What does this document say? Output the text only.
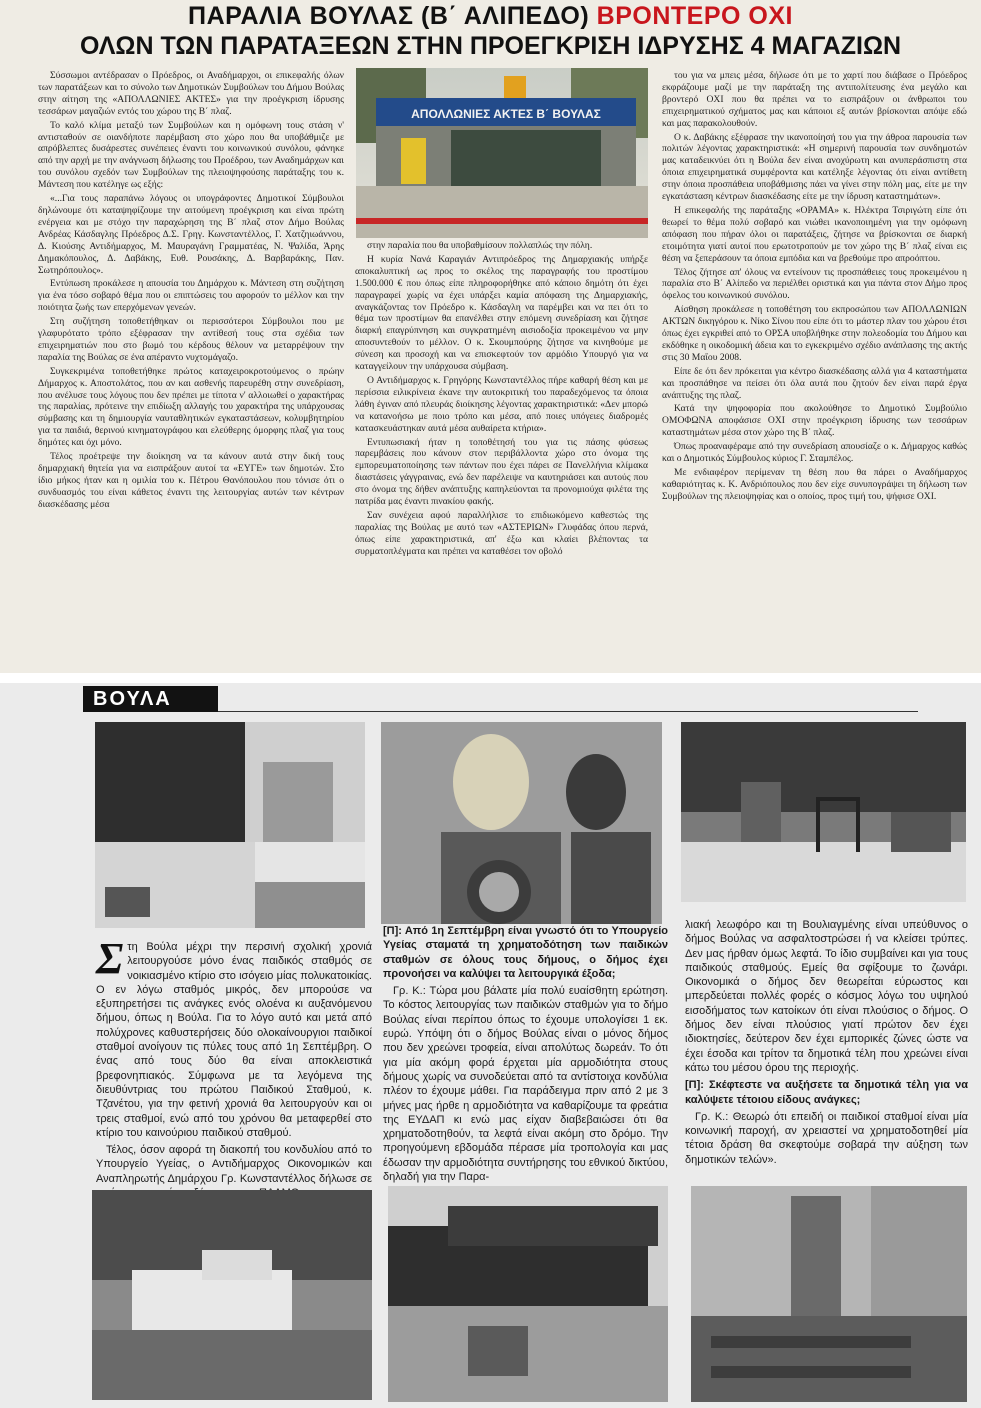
ΠΑΡΑΛΙΑ ΒΟΥΛΑΣ (Β΄ ΑΛΙΠΕΔΟ) ΒΡΟΝΤΕΡΟ ΟΧΙ
ΟΛΩΝ ΤΩΝ ΠΑΡΑΤΑΞΕΩΝ ΣΤΗΝ ΠΡΟΕΓΚΡΙΣΗ ΙΔΡΥΣΗΣ 4 ΜΑΓΑΖΙΩΝ

Σύσσωμοι αντέδρασαν ο Πρόεδρος, οι Αναδήμαρχοι, οι επικεφαλής όλων των παρατάξεων και το σύνολο των Δημοτικών Συμβούλων του Δήμου Βούλας στην αίτηση της «ΑΠΟΛΛΩΝΙΕΣ ΑΚΤΕΣ» για την προέγκριση ίδρυσης τεσσάρων μαγαζιών εντός του χώρου της Β΄ πλαζ.

Το καλό κλίμα μεταξύ των Συμβούλων και η ομόφωνη τους στάση ν' αντισταθούν σε οιανδήποτε παρέμβαση στο χώρο που θα υποβάθμιζε με απρόβλεπτες δυσάρεστες συνέπειες έναντι του κοινωνικού συνόλου, φάνηκε από την αρχή με την ανάγνωση δήλωσης του Προέδρου, των Αναδημάρχων και του συνόλου σχεδόν των Συμβούλων της πλειοψηφούσης παράταξης του κ. Μάντεση που κατέληγε ως εξής:

«...Για τους παραπάνω λόγους οι υπογράφοντες Δημοτικοί Σύμβουλοι δηλώνουμε ότι καταψηφίζουμε την αιτούμενη προέγκριση και είναι πρώτη ενέργεια και με στόχο την παραχώρηση της Β΄ πλαζ στον Δήμο Βούλας Ανδρέας Κάσδαγλης Πρόεδρος Δ.Σ. Γρηγ. Κωνσταντέλλος, Γ. Χατζηιωάννου, Δ. Κιούσης Αντιδήμαρχος, Μ. Μαυραγάνη Γραμματέας, Ν. Ψαλίδα, Άρης Δημακόπουλος, Δ. Δαβάκης, Ευθ. Ρουσάκης, Δ. Βαρβαράκης, Παν. Σωτηρόπουλος».

Εντύπωση προκάλεσε η απουσία του Δημάρχου κ. Μάντεση στη συζήτηση για ένα τόσο σοβαρό θέμα που οι επιπτώσεις του αφορούν το μέλλον και την ποιότητα ζωής των επερχόμενων γενεών.

Στη συζήτηση τοποθετήθηκαν οι περισσότεροι Σύμβουλοι που με γλαφυρότατο τρόπο εξέφρασαν την αντίθεσή τους στα σχέδια των επιχειρηματιών που στο βωμό του κέρδους θέλουν να μεταρρέψουν την παραλία της Βούλας σε ένα απέραντο νυχτομάγαζο.

Συγκεκριμένα τοποθετήθηκε πρώτος καταχειροκροτούμενος ο πρώην Δήμαρχος κ. Αποστολάτος, που αν και ασθενής παρευρέθη στην συνεδρίαση, που ανέλυσε τους λόγους που δεν πρέπει με τίποτα ν' αλλοιωθεί ο χαρακτήρας της παραλίας, πρότεινε την επιδίωξη αλλαγής του χαρακτήρα της υπάρχουσας σύμβασης και τη δημιουργία ναυταθλητικών εγκαταστάσεων, κολυμβητηρίου για τα παιδιά, θερινού κινηματογράφου και ελεύθερης όμορφης πλαζ για τους δημότες και όχι μόνο.

Τέλος προέτρεψε την διοίκηση να τα κάνουν αυτά στην δική τους δημαρχιακή θητεία για να εισπράξουν αυτοί τα «ΕΥΓΕ» των δημοτών. Στο ίδιο μήκος ήταν και η ομιλία του κ. Πέτρου Θανόπουλου που τόνισε ότι ο συνδυασμός του είναι κάθετος έναντι της λειτουργίας αυτών των κέντρων διασκέδασης μέσα

ΑΠΟΛΛΩΝΙΕΣ ΑΚΤΕΣ Β΄ ΒΟΥΛΑΣ

στην παραλία που θα υποβαθμίσουν πολλαπλώς την πόλη.

Η κυρία Νανά Καραγιάν Αντιπρόεδρος της Δημαρχιακής υπήρξε αποκαλυπτική ως προς το σκέλος της παραγραφής του προστίμου 1.500.000 € που όπως είπε πληροφορήθηκε από κάποιο δημότη ότι έχει παραγραφεί χωρίς να έχει υπάρξει καμία απόφαση της Δημαρχιακής, αναγκάζοντας τον Πρόεδρο κ. Κάσδαγλη να παρέμβει και να πει ότι το θέμα των προστίμων θα επανέλθει στην επόμενη συνεδρίαση και ζήτησε διαρκή επαγρύπνηση και συγκρατημένη αισιοδοξία προκειμένου να μην αποσυντεθούν το μέλλον. Ο κ. Σκουμπούρης ζήτησε να κινηθούμε με σύνεση και προσοχή και να επισκεφτούν τον αρμόδιο Υπουργό για να καταγγείλουν την υπάρχουσα σύμβαση.

Ο Αντιδήμαρχος κ. Γρηγόρης Κωνσταντέλλος πήρε καθαρή θέση και με περίσσια ειλικρίνεια έκανε την αυτοκριτική του παραδεχόμενος τα όποια λάθη έγιναν από πλευράς διοίκησης λέγοντας χαρακτηριστικά: «Δεν μπορώ να κατανοήσω με ποιο τρόπο και μέσα, από ποιες υπόγειες διαδρομές κατασκευάστηκαν αυτά μέσα αυθαίρετα κτήρια».

Εντυπωσιακή ήταν η τοποθέτησή του για τις πάσης φύσεως παρεμβάσεις που κάνουν στον περιβάλλοντα χώρο στο όνομα της εμπορευματοποίησης των πάντων που έχει πάρει σε Πανελλήνια κλίμακα διαστάσεις γάγγραινας, ενώ δεν παρέλειψε να καυτηριάσει και αυτούς που στο όνομα της δήθεν ανάπτυξης καπηλεύονται τα προνομιούχα φιλέτα της πατρίδα μας έναντι πινακίου φακής.

Σαν συνέχεια αφού παραλλήλισε το επιδιωκόμενο καθεστώς της παραλίας της Βούλας με αυτό των «ΑΣΤΕΡΙΩΝ» Γλυφάδας όπου περνά, όπως είπε χαρακτηριστικά, απ' έξω και κλαίει βλέποντας τα συρματοπλέγματα και πρέπει να καταθέσει τον οβολό

του για να μπεις μέσα, δήλωσε ότι με το χαρτί που διάβασε ο Πρόεδρος εκφράζουμε μαζί με την παράταξη της αντιπολίτευσης ένα μεγάλο και βροντερό ΟΧΙ που θα πρέπει να το εισπράξουν οι άνθρωποι του επιχειρηματικού σχήματος μας και κάποιοι εξ αυτών βρίσκονται απόψε εδώ και μας παρακολουθούν.

Ο κ. Δαβάκης εξέφρασε την ικανοποίησή του για την άθροα παρουσία των πολιτών λέγοντας χαρακτηριστικά: «Η σημερινή παρουσία των συνδημοτών μας καταδεικνύει ότι η Βούλα δεν είναι ανοχύρωτη και ανυπεράσπιστη στα όποια επιχειρηματικά συμφέροντα και κατέληξε λέγοντας ότι είναι αντίθετη στην όποια προσπάθεια υποβάθμισης πάει να γίνει στην πόλη μας, είτε με την εγκατάσταση κέντρων διασκέδασης είτε με την ίδρυση καταστημάτων».

Η επικεφαλής της παράταξης «ΟΡΑΜΑ» κ. Ηλέκτρα Τσιριγώτη είπε ότι θεωρεί το θέμα πολύ σοβαρό και νιώθει ικανοποιημένη για την ομόφωνη απόφαση που πήραν όλοι οι παρατάξεις, ζήτησε να βρίσκονται σε διαρκή ετοιμότητα γιατί αυτοί που ερωτοτροπούν με τον χώρο της Β΄ πλαζ είναι εις θέση να ξεπεράσουν τα όποια εμπόδια και να βρεθούμε προ απροόπτου.

Τέλος ζήτησε απ' όλους να εντείνουν τις προσπάθειες τους προκειμένου η παραλία στο Β΄ Αλίπεδο να περιέλθει οριστικά και για πάντα στον Δήμο προς όφελος του κοινωνικού συνόλου.

Αίσθηση προκάλεσε η τοποθέτηση του εκπροσώπου των ΑΠΟΛΛΩΝΙΩΝ ΑΚΤΩΝ δικηγόρου κ. Νίκο Σίνου που είπε ότι το μάστερ πλαν του χώρου έτσι όπως έχει εγκριθεί από το ΟΡΣΑ υποβλήθηκε στην πολεοδομία του Δήμου και εκδόθηκε η οικοδομική άδεια και το εγκεκριμένο σχέδιο ανάπλασης της ακτής στις 30 Μαΐου 2008.

Είπε δε ότι δεν πρόκειται για κέντρο διασκέδασης αλλά για 4 καταστήματα και προσπάθησε να πείσει ότι όλα αυτά που ζητούν δεν είναι παρά έργα ανάπτυξης της πλαζ.

Κατά την ψηφοφορία που ακολούθησε το Δημοτικό Συμβούλιο ΟΜΟΦΩΝΑ αποφάσισε ΟΧΙ στην προέγκριση ίδρυσης των τεσσάρων καταστημάτων μέσα στον χώρο της Β΄ πλαζ.

Όπως προαναφέραμε από την συνεδρίαση απουσίαζε ο κ. Δήμαρχος καθώς και ο Δημοτικός Σύμβουλος κύριος Γ. Σταμπέλος.

Με ενδιαφέρον περίμεναν τη θέση που θα πάρει ο Αναδήμαρχος καθαριότητας κ. Κ. Ανδριόπουλος που δεν είχε συνυπογράψει τη δήλωση των Συμβούλων της πλειοψηφίας και ο οποίος, προς τιμή του, ψήφισε ΟΧΙ.

ΒΟΥΛΑ

Στη Βούλα μέχρι την περσινή σχολική χρονιά λειτουργούσε μόνο ένας παιδικός σταθμός σε νοικιασμένο κτίριο στο ισόγειο μίας πολυκατοικίας. Ο εν λόγω σταθμός μικρός, δεν μπορούσε να εξυπηρετήσει τις ανάγκες ενός ολοένα κι αυξανόμενου δήμου, όπως η Βούλα. Για το λόγο αυτό και μετά από πολύχρονες καθυστερήσεις δύο ολοκαίνουργιοι παιδικοί σταθμοί ανοίγουν τις πύλες τους από 1η Σεπτέμβρη. Ο ένας από τους δύο θα είναι αποκλειστικά βρεφονηπιακός. Σύμφωνα με τα λεγόμενα της διευθύντριας του πρώτου Παιδικού Σταθμού, κ. Τζανέτου, για την φετινή χρονιά θα λειτουργούν και οι τρεις σταθμοί, ενώ από του χρόνου θα μεταφερθεί στο κτίριο του καινούριου παιδικού σταθμού.

Τέλος, όσον αφορά τη διακοπή του κονδυλίου από το Υπουργείο Υγείας, ο Αντιδήμαρχος Οικονομικών και Αναπληρωτής Δημάρχου Γρ. Κωνσταντέλλος δήλωσε σε

[Π]: Από 1η Σεπτέμβρη είναι γνωστό ότι το Υπουργείο Υγείας σταματά τη χρηματοδότηση των παιδικών σταθμών σε όλους τους δήμους, ο δήμος έχει προνοήσει να καλύψει τα λειτουργικά έξοδα;

Γρ. Κ.: Τώρα μου βάλατε μία πολύ ευαίσθητη ερώτηση. Το κόστος λειτουργίας των παιδικών σταθμών για το δήμο Βούλας είναι περίπου όπως το έχουμε υπολογίσει 1 εκ. ευρώ. Υπόψη ότι ο δήμος Βούλας είναι ο μόνος δήμος που δεν χρεώνει τροφεία, είναι απολύτως δωρεάν. Το ότι για μία ακόμη φορά έρχεται μία αρμοδιότητα στους δήμους χωρίς να συνοδεύεται από τα αντίστοιχα κονδύλια πλέον το έχουμε μάθει. Για παράδειγμα πριν από 2 με 3 μήνες μας ήρθε η αρμοδιότητα να καθαρίζουμε τα φρεάτια της ΕΥΔΑΠ κι ενώ μας είχαν διαβεβαιώσει ότι θα χρηματοδοτηθούν, τα λεφτά είναι ακόμη στο δρόμο. Την προηγούμενη εβδομάδα πέρασε μία τροπολογία και μας έδωσαν την αρμοδιότητα συντήρησης του εθνικού δικτύου, δηλαδή για την Παρα-

λιακή λεωφόρο και τη Βουλιαγμένης είναι υπεύθυνος ο δήμος Βούλας να ασφαλτοστρώσει ή να κλείσει τρύπες. Δεν μας ήρθαν όμως λεφτά. Το ίδιο συμβαίνει και για τους παιδικούς σταθμούς. Εμείς θα σφίξουμε το ζωνάρι. Οικονομικά ο δήμος δεν θεωρείται εύρωστος και μπερδεύεται πολλές φορές ο κόσμος λόγω του υψηλού εισοδήματος των κατοίκων ότι είναι πλούσιος ο δήμος. Ο δήμος δεν είναι πλούσιος γιατί πρώτον δεν έχει ιδιοκτησίες, δεύτερον δεν έχει εμπορικές ζώνες ώστε να έχει έσοδα και τρίτον τα δημοτικά τέλη που χρεώνει είναι κάτω του μέσου όρου της περιοχής.

[Π]: Σκέφτεστε να αυξήσετε τα δημοτικά τέλη για να καλύψετε τέτοιου είδους ανάγκες;

Γρ. Κ.: Θεωρώ ότι επειδή οι παιδικοί σταθμοί είναι μία κοινωνική παροχή, αν χρειαστεί να χρηματοδοτηθεί μία τέτοια δράση θα σκεφτούμε σοβαρά την αύξηση των δημοτικών τελών».
